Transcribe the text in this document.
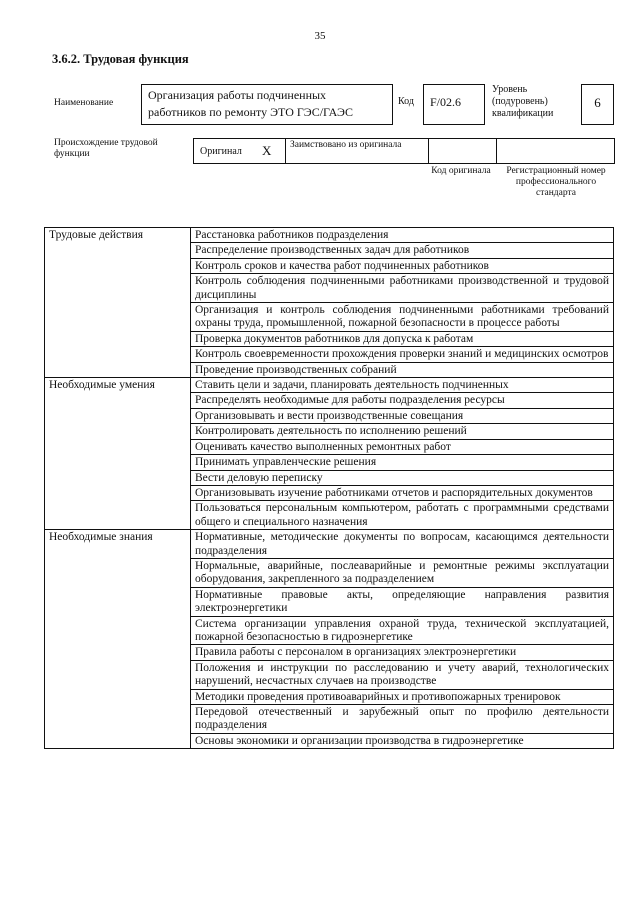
35
3.6.2. Трудовая функция
Наименование
Организация работы подчиненных работников по ремонту ЭТО ГЭС/ГАЭС
Код	F/02.6
Уровень (подуровень) квалификации
6
Происхождение трудовой функции	Оригинал X	Заимствовано из оригинала
Код оригинала	Регистрационный номер профессионального стандарта
Трудовые действия	Расстановка работников подразделения
	Распределение производственных задач для работников
	Контроль сроков и качества работ подчиненных работников
	Контроль соблюдения подчиненными работниками производственной и трудовой дисциплины
	Организация и контроль соблюдения подчиненными работниками требований охраны труда, промышленной, пожарной безопасности в процессе работы
	Проверка документов работников для допуска к работам
	Контроль своевременности прохождения проверки знаний и медицинских осмотров
	Проведение производственных собраний
Необходимые умения	Ставить цели и задачи, планировать деятельность подчиненных
	Распределять необходимые для работы подразделения ресурсы
	Организовывать и вести производственные совещания
	Контролировать деятельность по исполнению решений
	Оценивать качество выполненных ремонтных работ
	Принимать управленческие решения
	Вести деловую переписку
	Организовывать изучение работниками отчетов и распорядительных документов
	Пользоваться персональным компьютером, работать с программными средствами общего и специального назначения
Необходимые знания	Нормативные, методические документы по вопросам, касающимся деятельности подразделения
	Нормальные, аварийные, послеаварийные и ремонтные режимы эксплуатации оборудования, закрепленного за подразделением
	Нормативные правовые акты, определяющие направления развития электроэнергетики
	Система организации управления охраной труда, технической эксплуатацией, пожарной безопасностью в гидроэнергетике
	Правила работы с персоналом в организациях электроэнергетики
	Положения и инструкции по расследованию и учету аварий, технологических нарушений, несчастных случаев на производстве
	Методики проведения противоаварийных и противопожарных тренировок
	Передовой отечественный и зарубежный опыт по профилю деятельности подразделения
	Основы экономики и организации производства в гидроэнергетике
